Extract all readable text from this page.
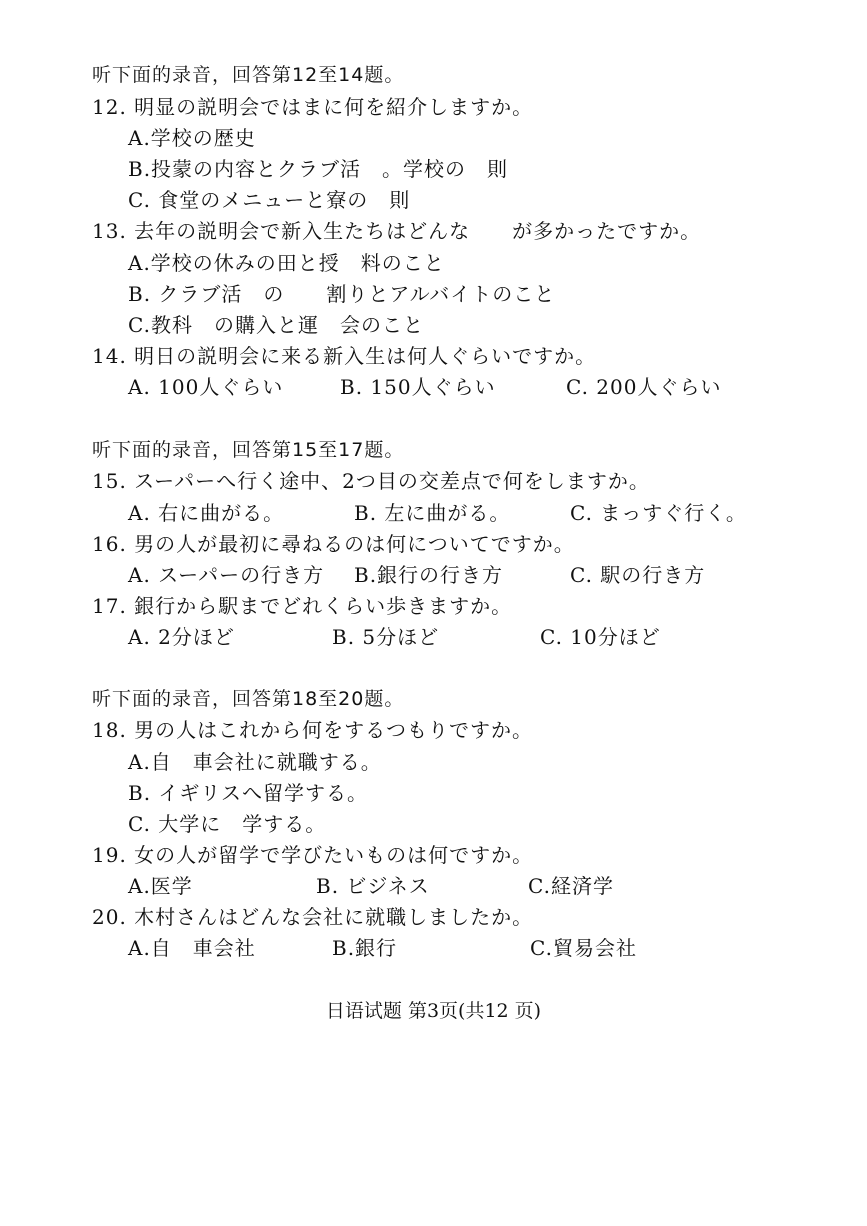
听下面的录音，回答第12至14题。
12. 明显の説明会ではまに何を紹介しますか。
A.学校の歴史
B.投蒙の内容とクラブ活　。学校の　則
C. 食堂のメニューと寮の　則
13. 去年の説明会で新入生たちはどんな　　が多かったですか。
A.学校の休みの田と授　料のこと
B. クラブ活　の　　割りとアルバイトのこと
C.教科　の購入と運　会のこと
14. 明日の説明会に来る新入生は何人ぐらいですか。
A. 100人ぐらい	B. 150人ぐらい	C. 200人ぐらい
听下面的录音，回答第15至17题。
15. スーパーへ行く途中、2つ目の交差点で何をしますか。
A. 右に曲がる。	B. 左に曲がる。	C. まっすぐ行く。
16. 男の人が最初に尋ねるのは何についてですか。
A. スーパーの行き方 B.銀行の行き方	C. 駅の行き方
17. 銀行から駅までどれくらい歩きますか。
A. 2分ほど	B. 5分ほど	C. 10分ほど
听下面的录音，回答第18至20题。
18. 男の人はこれから何をするつもりですか。
A.自　車会社に就職する。
B. イギリスへ留学する。
C. 大学に　学する。
19. 女の人が留学で学びたいものは何ですか。
A.医学	B. ビジネス	C.経済学
20. 木村さんはどんな会社に就職しましたか。
A.自　車会社	B.銀行	C.貿易会社
日语试题 第3页(共12 页)
